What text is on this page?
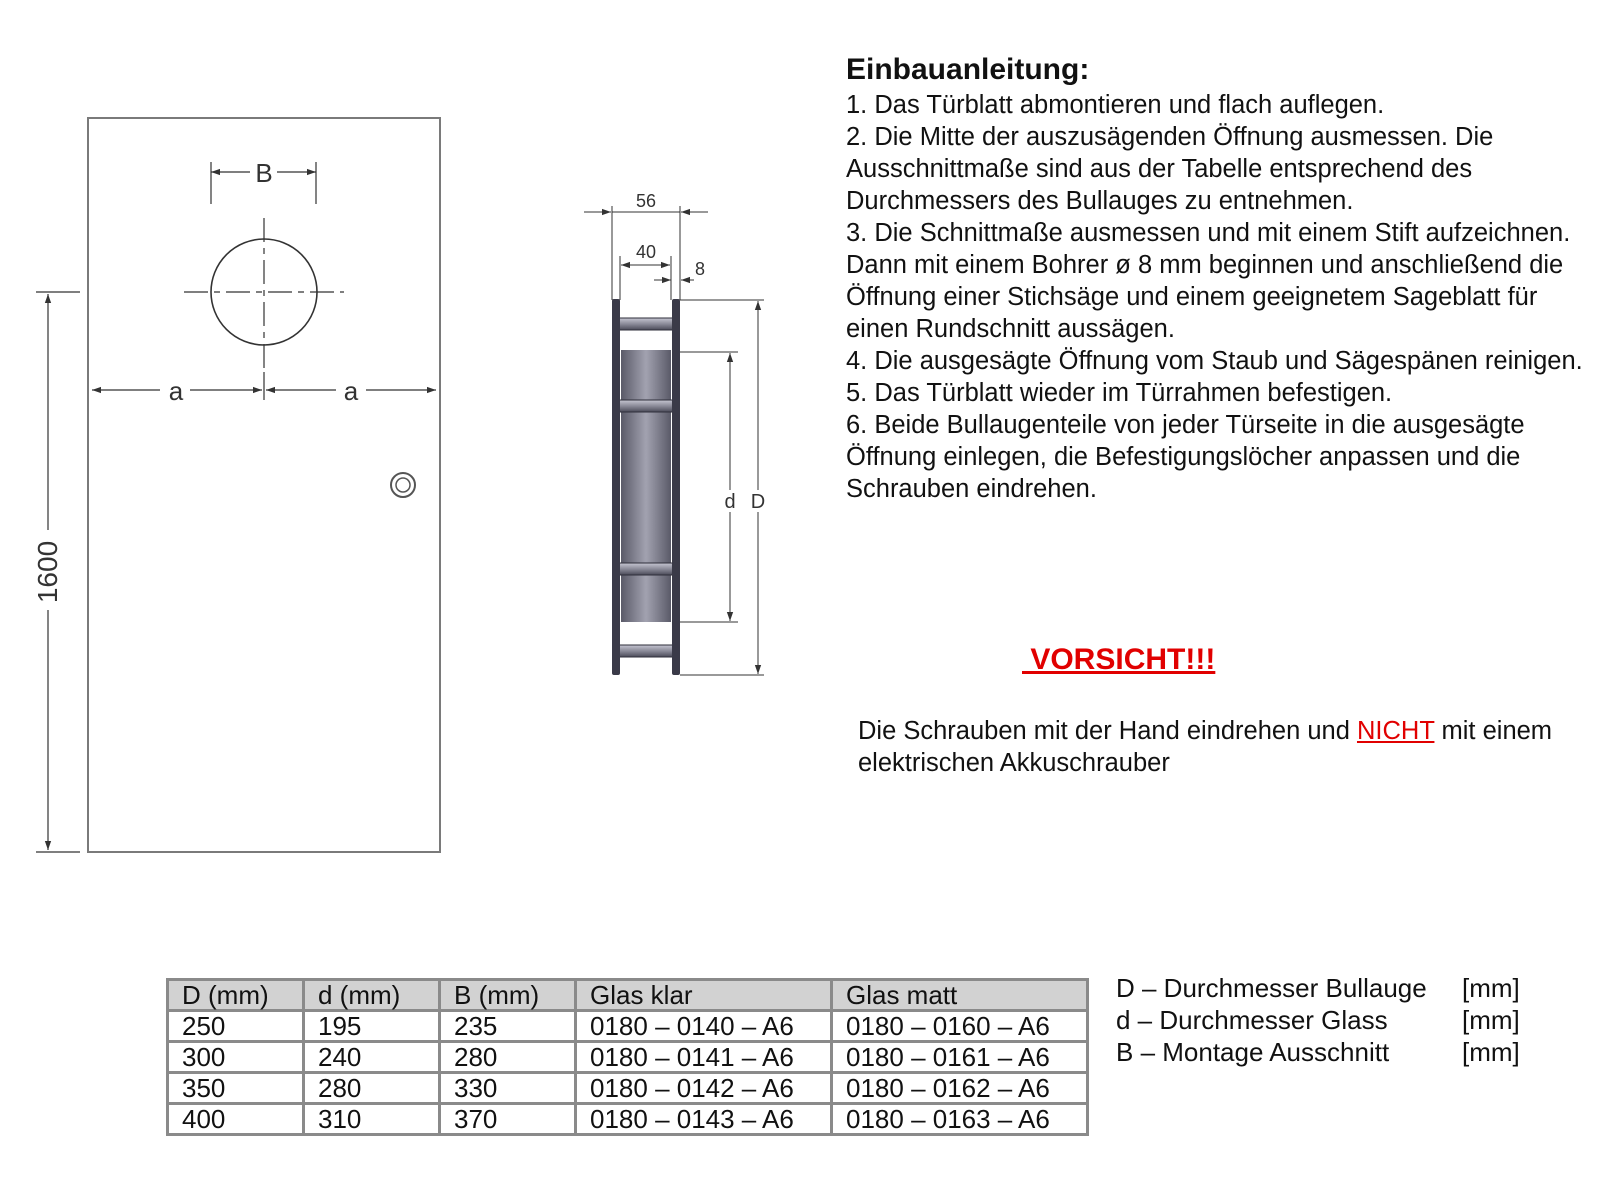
B
a	a
1600
56
40
8
d D
Einbauanleitung:
1. Das Türblatt abmontieren und flach auflegen.
2. Die Mitte der auszusägenden Öffnung ausmessen. Die Ausschnittmaße sind aus der Tabelle entsprechend des Durchmessers des Bullauges zu entnehmen.
3. Die Schnittmaße ausmessen und mit einem Stift aufzeichnen. Dann mit einem Bohrer ø 8 mm beginnen und anschließend die Öffnung einer Stichsäge und einem geeignetem Sageblatt für einen Rundschnitt aussägen.
4. Die ausgesägte Öffnung vom Staub und Sägespänen reinigen.
5. Das Türblatt wieder im Türrahmen befestigen.
6. Beide Bullaugenteile von jeder Türseite in die ausgesägte Öffnung einlegen, die Befestigungslöcher anpassen und die Schrauben eindrehen.
VORSICHT!!!
Die Schrauben mit der Hand eindrehen und NICHT mit einem elektrischen Akkuschrauber
D (mm)	d (mm)	B (mm)	Glas klar	Glas matt
250	195	235	0180 – 0140 – A6	0180 – 0160 – A6
300	240	280	0180 – 0141 – A6	0180 – 0161 – A6
350	280	330	0180 – 0142 – A6	0180 – 0162 – A6
400	310	370	0180 – 0143 – A6	0180 – 0163 – A6
D – Durchmesser Bullauge	[mm]
d – Durchmesser Glass	[mm]
B – Montage Ausschnitt	[mm]
